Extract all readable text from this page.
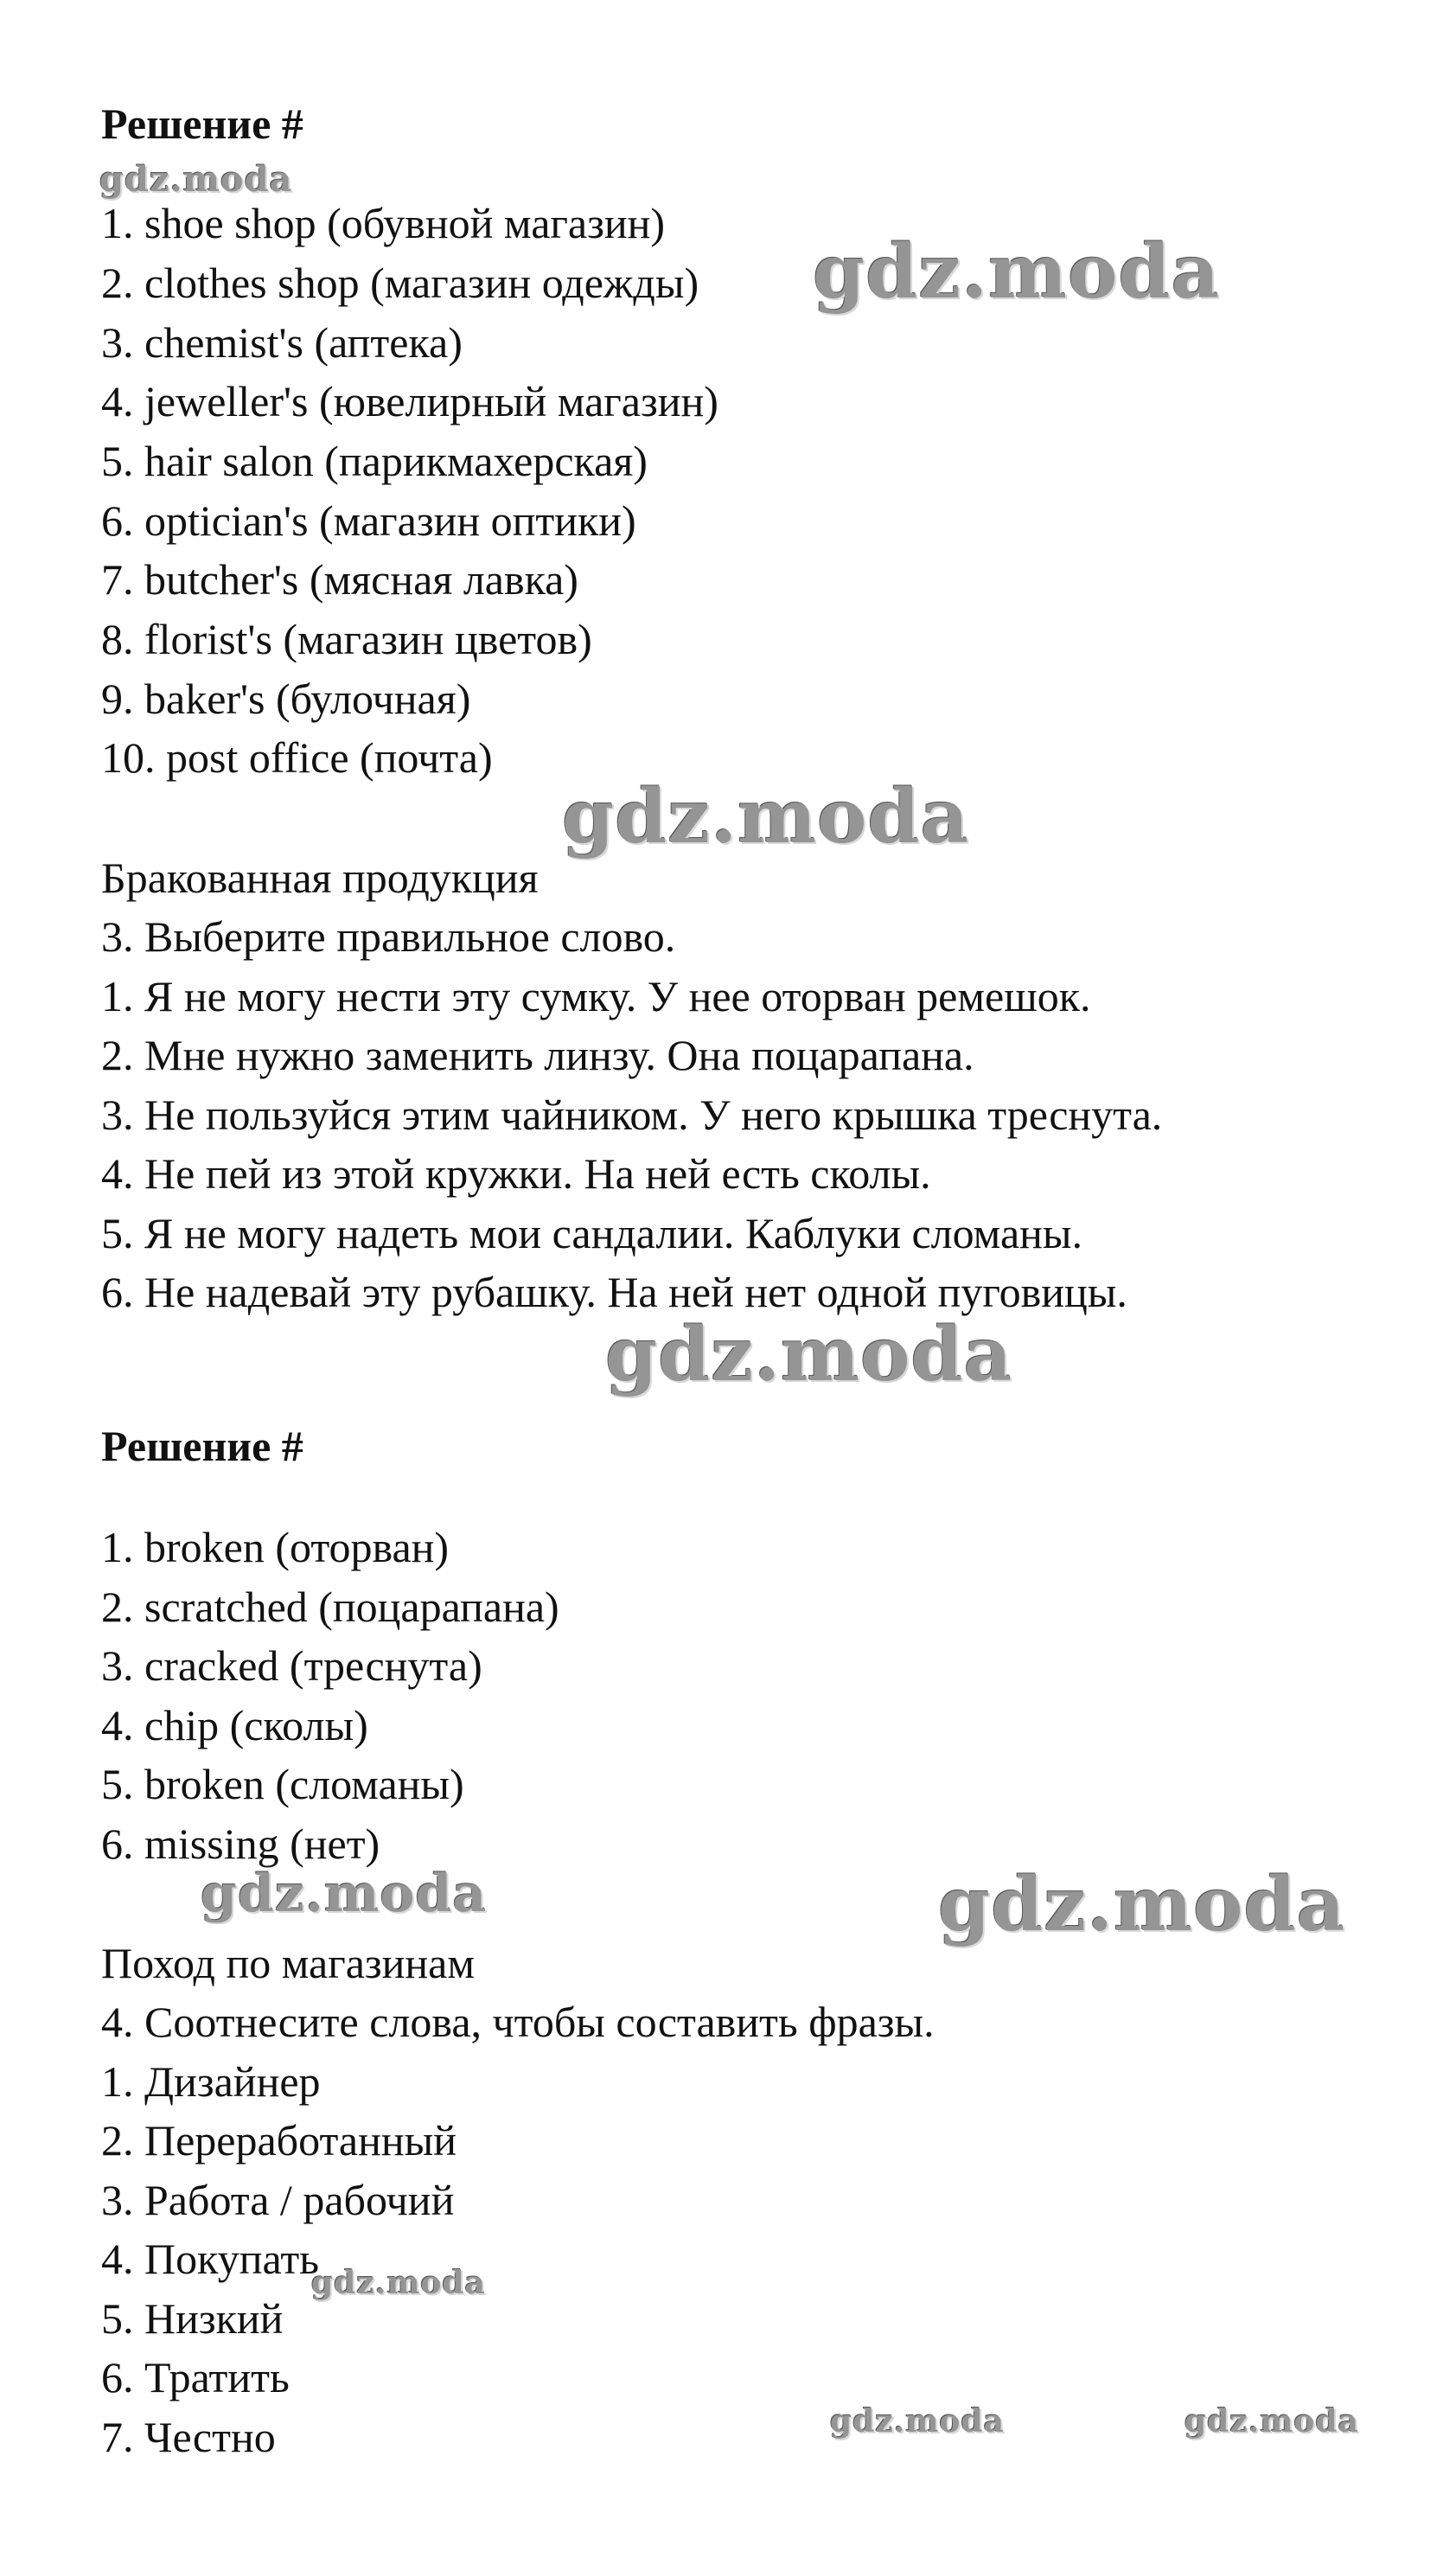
Решение #
1. shoe shop (обувной магазин)
2. clothes shop (магазин одежды)
3. chemist's (аптека)
4. jeweller's (ювелирный магазин)
5. hair salon (парикмахерская)
6. optician's (магазин оптики)
7. butcher's (мясная лавка)
8. florist's (магазин цветов)
9. baker's (булочная)
10. post office (почта)
Бракованная продукция
3. Выберите правильное слово.
1. Я не могу нести эту сумку. У нее оторван ремешок.
2. Мне нужно заменить линзу. Она поцарапана.
3. Не пользуйся этим чайником. У него крышка треснута.
4. Не пей из этой кружки. На ней есть сколы.
5. Я не могу надеть мои сандалии. Каблуки сломаны.
6. Не надевай эту рубашку. На ней нет одной пуговицы.
Решение #
1. broken (оторван)
2. scratched (поцарапана)
3. cracked (треснута)
4. chip (сколы)
5. broken (сломаны)
6. missing (нет)
Поход по магазинам
4. Соотнесите слова, чтобы составить фразы.
1. Дизайнер
2. Переработанный
3. Работа / рабочий
4. Покупать
5. Низкий
6. Тратить
7. Честно
gdz.moda
gdz.moda
gdz.moda
gdz.moda
gdz.moda	gdz.moda
gdz.moda
gdz.moda	gdz.moda
